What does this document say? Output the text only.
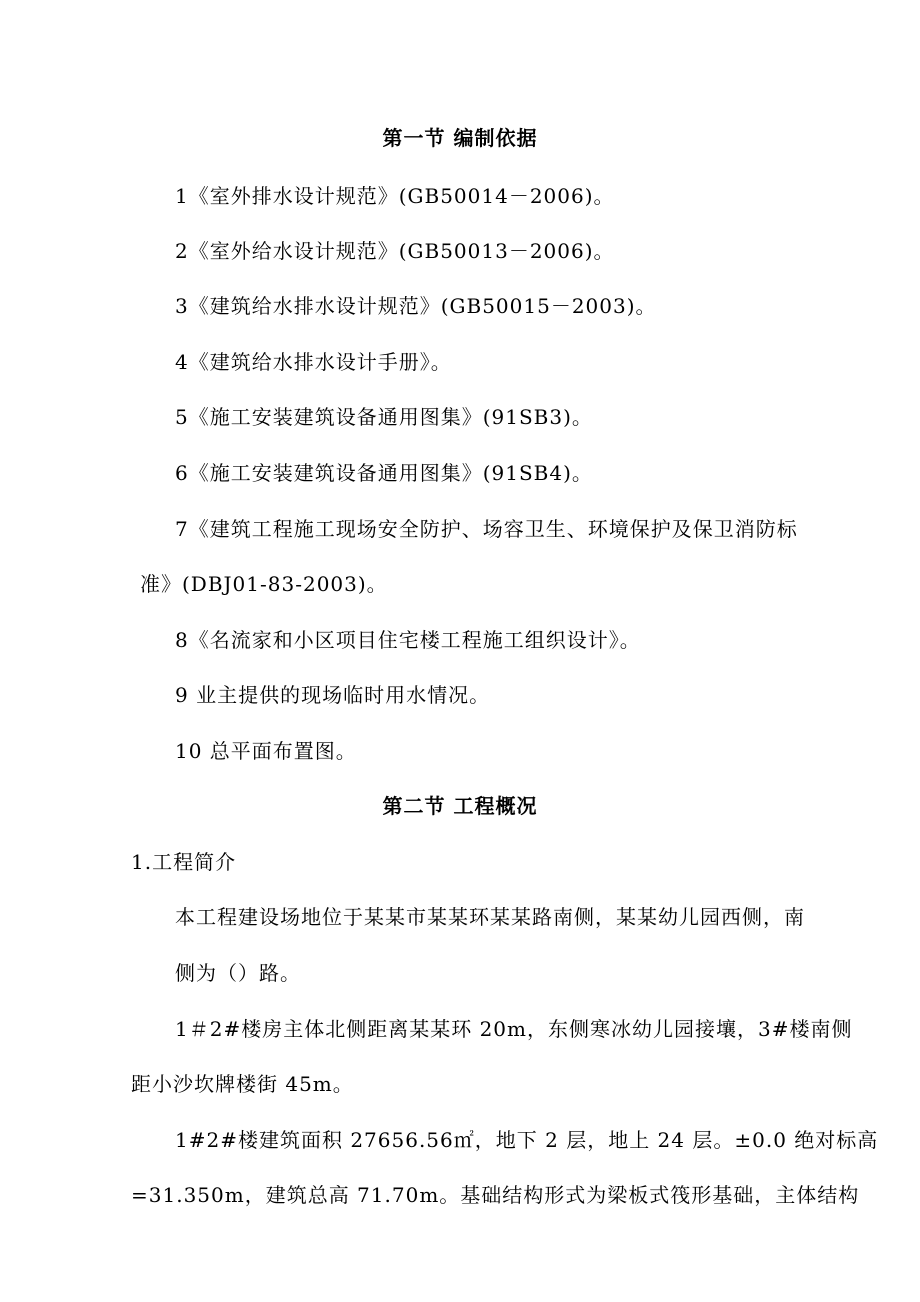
第一节 编制依据
1《室外排水设计规范》(GB50014－2006)。
2《室外给水设计规范》(GB50013－2006)。
3《建筑给水排水设计规范》(GB50015－2003)。
4《建筑给水排水设计手册》。
5《施工安装建筑设备通用图集》(91SB3)。
6《施工安装建筑设备通用图集》(91SB4)。
7《建筑工程施工现场安全防护、场容卫生、环境保护及保卫消防标
准》(DBJ01-83-2003)。
8《名流家和小区项目住宅楼工程施工组织设计》。
9 业主提供的现场临时用水情况。
10 总平面布置图。
第二节 工程概况
1.工程简介
本工程建设场地位于某某市某某环某某路南侧，某某幼儿园西侧，南
侧为（）路。
1＃2#楼房主体北侧距离某某环 20m，东侧寒冰幼儿园接壤，3#楼南侧
距小沙坎牌楼街 45m。
1#2#楼建筑面积 27656.56㎡，地下 2 层，地上 24 层。±0.0 绝对标高
=31.350m，建筑总高 71.70m。基础结构形式为梁板式筏形基础，主体结构
